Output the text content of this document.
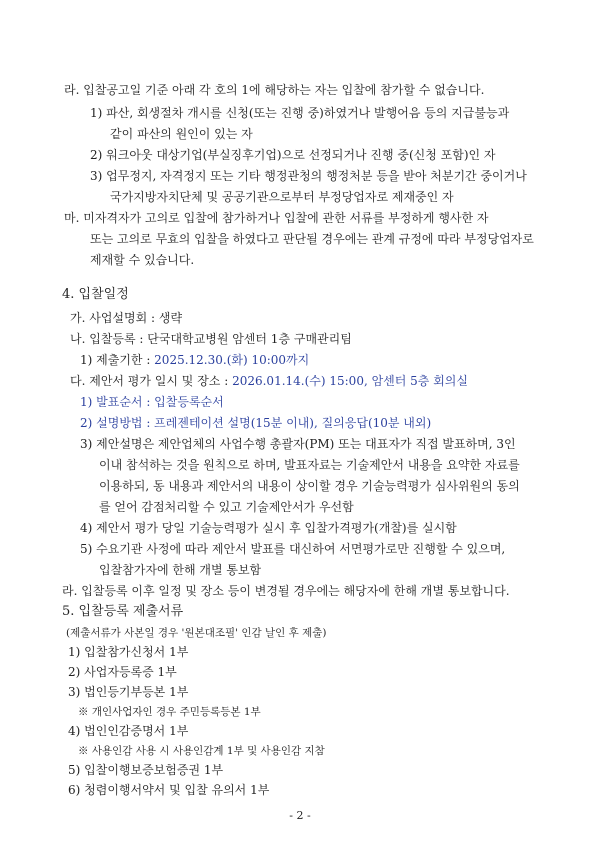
라. 입찰공고일 기준 아래 각 호의 1에 해당하는 자는 입찰에 참가할 수 없습니다.
1) 파산, 회생절차 개시를 신청(또는 진행 중)하였거나 발행어음 등의 지급불능과
같이 파산의 원인이 있는 자
2) 워크아웃 대상기업(부실징후기업)으로 선정되거나 진행 중(신청 포함)인 자
3) 업무정지, 자격정지 또는 기타 행정관청의 행정처분 등을 받아 처분기간 중이거나
국가지방자치단체 및 공공기관으로부터 부정당업자로 제재중인 자
마. 미자격자가 고의로 입찰에 참가하거나 입찰에 관한 서류를 부정하게 행사한 자
또는 고의로 무효의 입찰을 하였다고 판단될 경우에는 관계 규정에 따라 부정당업자로
제재할 수 있습니다.
4. 입찰일정
가. 사업설명회 : 생략
나. 입찰등록 : 단국대학교병원 암센터 1층 구매관리팀
1) 제출기한 : 2025.12.30.(화) 10:00까지
다. 제안서 평가 일시 및 장소 : 2026.01.14.(수) 15:00, 암센터 5층 회의실
1) 발표순서 : 입찰등록순서
2) 설명방법 : 프레젠테이션 설명(15분 이내), 질의응답(10분 내외)
3) 제안설명은 제안업체의 사업수행 총괄자(PM) 또는 대표자가 직접 발표하며, 3인
이내 참석하는 것을 원칙으로 하며, 발표자료는 기술제안서 내용을 요약한 자료를
이용하되, 동 내용과 제안서의 내용이 상이할 경우 기술능력평가 심사위원의 동의
를 얻어 감점처리할 수 있고 기술제안서가 우선함
4) 제안서 평가 당일 기술능력평가 실시 후 입찰가격평가(개찰)를 실시함
5) 수요기관 사정에 따라 제안서 발표를 대신하여 서면평가로만 진행할 수 있으며,
입찰참가자에 한해 개별 통보함
라. 입찰등록 이후 일정 및 장소 등이 변경될 경우에는 해당자에 한해 개별 통보합니다.
5. 입찰등록 제출서류
(제출서류가 사본일 경우 '원본대조필' 인감 날인 후 제출)
1) 입찰참가신청서 1부
2) 사업자등록증 1부
3) 법인등기부등본 1부
※ 개인사업자인 경우 주민등록등본 1부
4) 법인인감증명서 1부
※ 사용인감 사용 시 사용인감계 1부 및 사용인감 지참
5) 입찰이행보증보험증권 1부
6) 청렴이행서약서 및 입찰 유의서 1부
- 2 -
